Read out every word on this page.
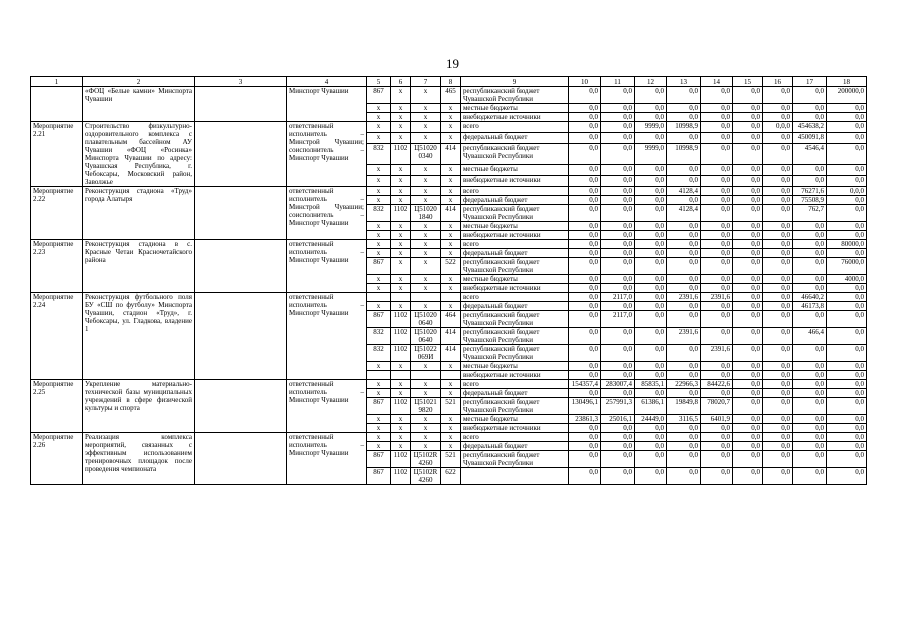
19
1	2	3	4	5	6	7	8	9	10	11	12	13	14	15	16	17	18
	«ФОЦ «Белые камни» Минспорта Чувашии		Минспорт Чувашии	867	x	x	465	республиканский бюджет Чувашской Республики	0,0	0,0	0,0	0,0	0,0	0,0	0,0	0,0	200000,0
				x	x	x	x	местные бюджеты	0,0	0,0	0,0	0,0	0,0	0,0	0,0	0,0	0,0
				x	x	x	x	внебюджетные источники	0,0	0,0	0,0	0,0	0,0	0,0	0,0	0,0	0,0
Мероприятие 2.21	Строительство физкультурно-оздоровительного комплекса с плавательным бассейном АУ Чувашии «ФОЦ «Росинка» Минспорта Чувашии по адресу: Чувашская Республика, г. Чебоксары, Московский район, Заволжье		ответственный исполнитель – Минстрой Чувашии; соисполнитель – Минспорт Чувашии	x	x	x	x	всего	0,0	0,0	9999,0	10998,9	0,0	0,0	0,0,0	454638,2	0,0
				x	x	x	x	федеральный бюджет	0,0	0,0	0,0	0,0	0,0	0,0	0,0	450091,8	0,0
				832	1102	Ц51020 0340	414	республиканский бюджет Чувашской Республики	0,0	0,0	9999,0	10998,9	0,0	0,0	0,0	4546,4	0,0
				x	x	x	x	местные бюджеты	0,0	0,0	0,0	0,0	0,0	0,0	0,0	0,0	0,0
				x	x	x	x	внебюджетные источники	0,0	0,0	0,0	0,0	0,0	0,0	0,0	0,0	0,0
Мероприятие 2.22	Реконструкция стадиона «Труд» города Алатыря		ответственный исполнитель – Минстрой Чувашии; соисполнитель – Минспорт Чувашии	x	x	x	x	всего	0,0	0,0	0,0	4128,4	0,0	0,0	0,0	76271,6	0,0,0
				x	x	x	x	федеральный бюджет	0,0	0,0	0,0	0,0	0,0	0,0	0,0	75508,9	0,0
				832	1102	Ц51020 1840	414	республиканский бюджет Чувашской Республики	0,0	0,0	0,0	4128,4	0,0	0,0	0,0	762,7	0,0
				x	x	x	x	местные бюджеты	0,0	0,0	0,0	0,0	0,0	0,0	0,0	0,0	0,0
				x	x	x	x	внебюджетные источники	0,0	0,0	0,0	0,0	0,0	0,0	0,0	0,0	0,0
Мероприятие 2.23	Реконструкция стадиона в с. Красные Четаи Красночетайского района		ответственный исполнитель – Минспорт Чувашии	x	x	x	x	всего	0,0	0,0	0,0	0,0	0,0	0,0	0,0	0,0	80000,0
				x	x	x	x	федеральный бюджет	0,0	0,0	0,0	0,0	0,0	0,0	0,0	0,0	0,0
				867	x	x	522	республиканский бюджет Чувашской Республики	0,0	0,0	0,0	0,0	0,0	0,0	0,0	0,0	76000,0
				x	x	x	x	местные бюджеты	0,0	0,0	0,0	0,0	0,0	0,0	0,0	0,0	4000,0
				x	x	x	x	внебюджетные источники	0,0	0,0	0,0	0,0	0,0	0,0	0,0	0,0	0,0
Мероприятие 2.24	Реконструкция футбольного поля БУ «СШ по футболу» Минспорта Чувашии, стадион «Труд», г. Чебоксары, ул. Гладкова, владение 1		ответственный исполнитель – Минспорт Чувашии					всего	0,0	2117,0	0,0	2391,6	2391,6	0,0	0,0	46640,2	0,0
				x	x	x	x	федеральный бюджет	0,0	0,0	0,0	0,0	0,0	0,0	0,0	46173,8	0,0
				867	1102	Ц51020 0640	464	республиканский бюджет Чувашской Республики	0,0	2117,0	0,0	0,0	0,0	0,0	0,0	0,0	0,0
				832	1102	Ц51020 0640	414	республиканский бюджет Чувашской Республики	0,0	0,0	0,0	2391,6	0,0	0,0	0,0	466,4	0,0
				832	1102	Ц51022 069И	414	республиканский бюджет Чувашской Республики	0,0	0,0	0,0	0,0	2391,6	0,0	0,0	0,0	0,0
				x	x	x	x	местные бюджеты	0,0	0,0	0,0	0,0	0,0	0,0	0,0	0,0	0,0
								внебюджетные источники	0,0	0,0	0,0	0,0	0,0	0,0	0,0	0,0	0,0
Мероприятие 2.25	Укрепление материально-технической базы муниципальных учреждений в сфере физической культуры и спорта		ответственный исполнитель – Минспорт Чувашии	x	x	x	x	всего	154357,4	283007,4	85835,1	22966,3	84422,6	0,0	0,0	0,0	0,0
				x	x	x	x	федеральный бюджет	0,0	0,0	0,0	0,0	0,0	0,0	0,0	0,0	0,0
				867	1102	Ц51021 9820	521	республиканский бюджет Чувашской Республики	130496,1	257991,3	61386,1	19849,8	78020,7	0,0	0,0	0,0	0,0
				x	x	x	x	местные бюджеты	23861,3	25016,1	24449,0	3116,5	6401,9	0,0	0,0	0,0	0,0
				x	x	x	x	внебюджетные источники	0,0	0,0	0,0	0,0	0,0	0,0	0,0	0,0	0,0
Мероприятие 2.26	Реализация комплекса мероприятий, связанных с эффективным использованием тренировочных площадок после проведения чемпионата		ответственный исполнитель – Минспорт Чувашии	x	x	x	x	всего	0,0	0,0	0,0	0,0	0,0	0,0	0,0	0,0	0,0
				x	x	x	x	федеральный бюджет	0,0	0,0	0,0	0,0	0,0	0,0	0,0	0,0	0,0
				867	1102	Ц5102R 4260	521	республиканский бюджет Чувашской Республики	0,0	0,0	0,0	0,0	0,0	0,0	0,0	0,0	0,0
				867	1102	Ц5102R 4260	622		0,0	0,0	0,0	0,0	0,0	0,0	0,0	0,0	0,0
